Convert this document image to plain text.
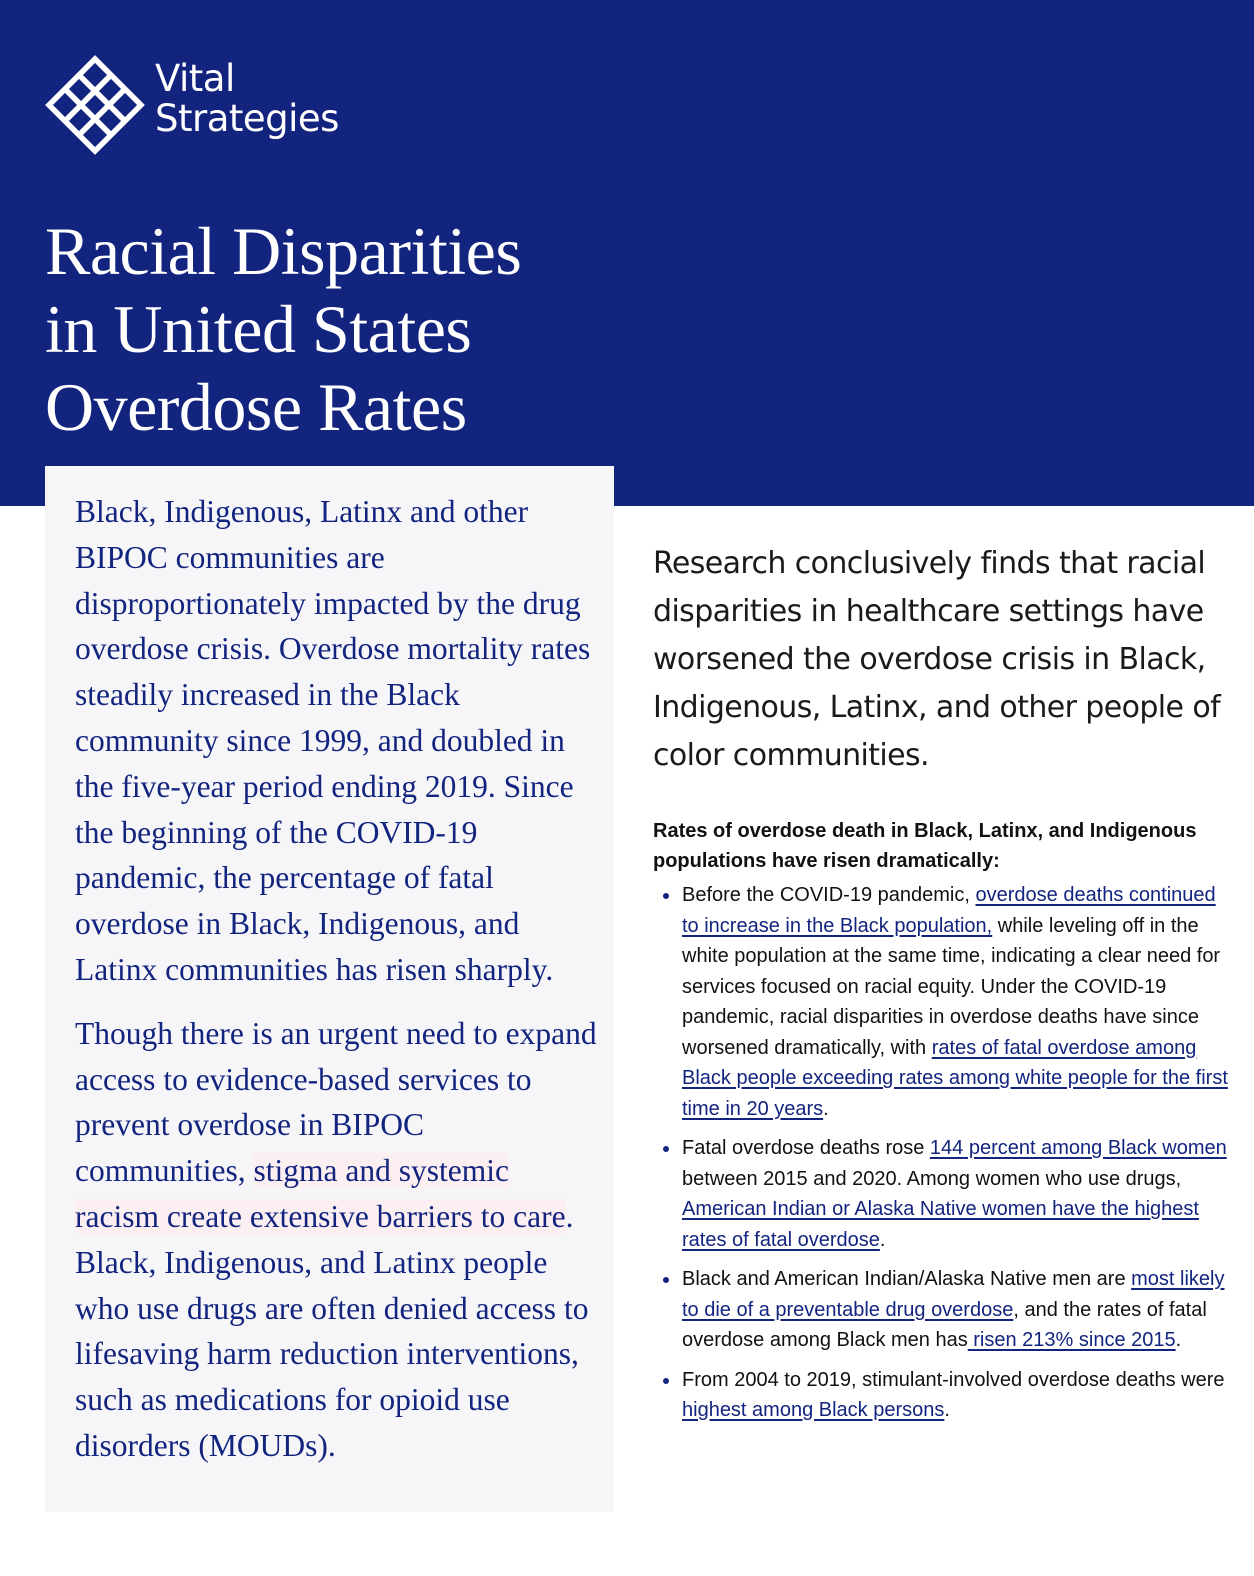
Vital
Strategies
Racial Disparities
in United States
Overdose Rates

Black, Indigenous, Latinx and other BIPOC communities are disproportionately impacted by the drug overdose crisis. Overdose mortality rates steadily increased in the Black community since 1999, and doubled in the five-year period ending 2019. Since the beginning of the COVID-19 pandemic, the percentage of fatal overdose in Black, Indigenous, and Latinx communities has risen sharply.

Though there is an urgent need to expand access to evidence-based services to prevent overdose in BIPOC communities, stigma and systemic racism create extensive barriers to care. Black, Indigenous, and Latinx people who use drugs are often denied access to lifesaving harm reduction interventions, such as medications for opioid use disorders (MOUDs).

Research conclusively finds that racial disparities in healthcare settings have worsened the overdose crisis in Black, Indigenous, Latinx, and other people of color communities.

Rates of overdose death in Black, Latinx, and Indigenous populations have risen dramatically:

Before the COVID-19 pandemic, overdose deaths continued to increase in the Black population, while leveling off in the white population at the same time, indicating a clear need for services focused on racial equity. Under the COVID-19 pandemic, racial disparities in overdose deaths have since worsened dramatically, with rates of fatal overdose among Black people exceeding rates among white people for the first time in 20 years.
Fatal overdose deaths rose 144 percent among Black women between 2015 and 2020. Among women who use drugs, American Indian or Alaska Native women have the highest rates of fatal overdose.
Black and American Indian/Alaska Native men are most likely to die of a preventable drug overdose, and the rates of fatal overdose among Black men has risen 213% since 2015.
From 2004 to 2019, stimulant-involved overdose deaths were highest among Black persons.
